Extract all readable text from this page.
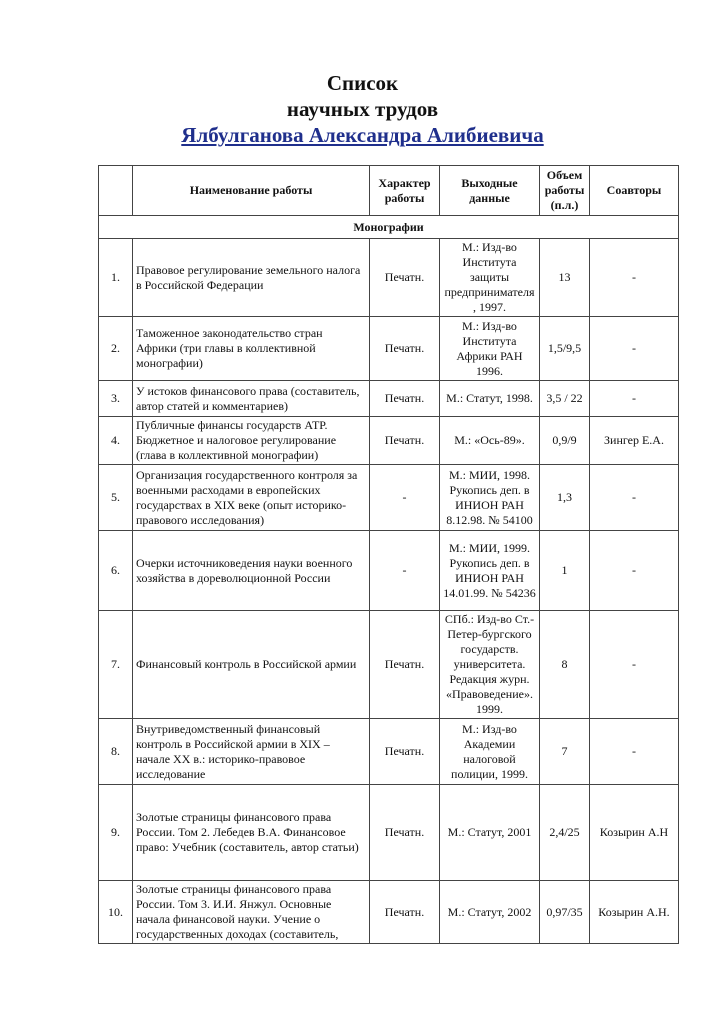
Список
научных трудов
Ялбулганова Александра Алибиевича
	Наименование работы	Характер работы	Выходные данные	Объем работы (п.л.)	Соавторы
Монографии					
1.	Правовое регулирование земельного налога в Российской Федерации	Печатн.	М.: Изд-во Института защиты предпринимателя , 1997.	13	-
2.	Таможенное законодательство стран Африки (три главы в коллективной монографии)	Печатн.	М.: Изд-во Института Африки РАН 1996.	1,5/9,5	-
3.	У истоков финансового права (составитель, автор статей и комментариев)	Печатн.	М.: Статут, 1998.	3,5 / 22	-
4.	Публичные финансы государств АТР. Бюджетное и налоговое регулирование (глава в коллективной монографии)	Печатн.	М.: «Ось-89».	0,9/9	Зингер Е.А.
5.	Организация государственного контроля за военными расходами в европейских государствах в XIX веке (опыт историко-правового исследования)	-	М.: МИИ, 1998. Рукопись деп. в ИНИОН РАН 8.12.98. № 54100	1,3	-
6.	Очерки источниковедения науки военного хозяйства в дореволюционной России	-	М.: МИИ, 1999. Рукопись деп. в ИНИОН РАН 14.01.99. № 54236	1	-
7.	Финансовый контроль в Российской армии	Печатн.	СПб.: Изд-во Ст.-Петер-бургского государств. университета. Редакция журн. «Правоведение». 1999.	8	-
8.	Внутриведомственный финансовый контроль в Российской армии в XIX – начале XX в.: историко-правовое исследование	Печатн.	М.: Изд-во Академии налоговой полиции, 1999.	7	-
9.	Золотые страницы финансового права России. Том 2. Лебедев В.А. Финансовое право: Учебник (составитель, автор статьи)	Печатн.	М.: Статут, 2001	2,4/25	Козырин А.Н
10.	Золотые страницы финансового права России. Том 3. И.И. Янжул. Основные начала финансовой науки. Учение о государственных доходах (составитель,	Печатн.	М.: Статут, 2002	0,97/35	Козырин А.Н.
